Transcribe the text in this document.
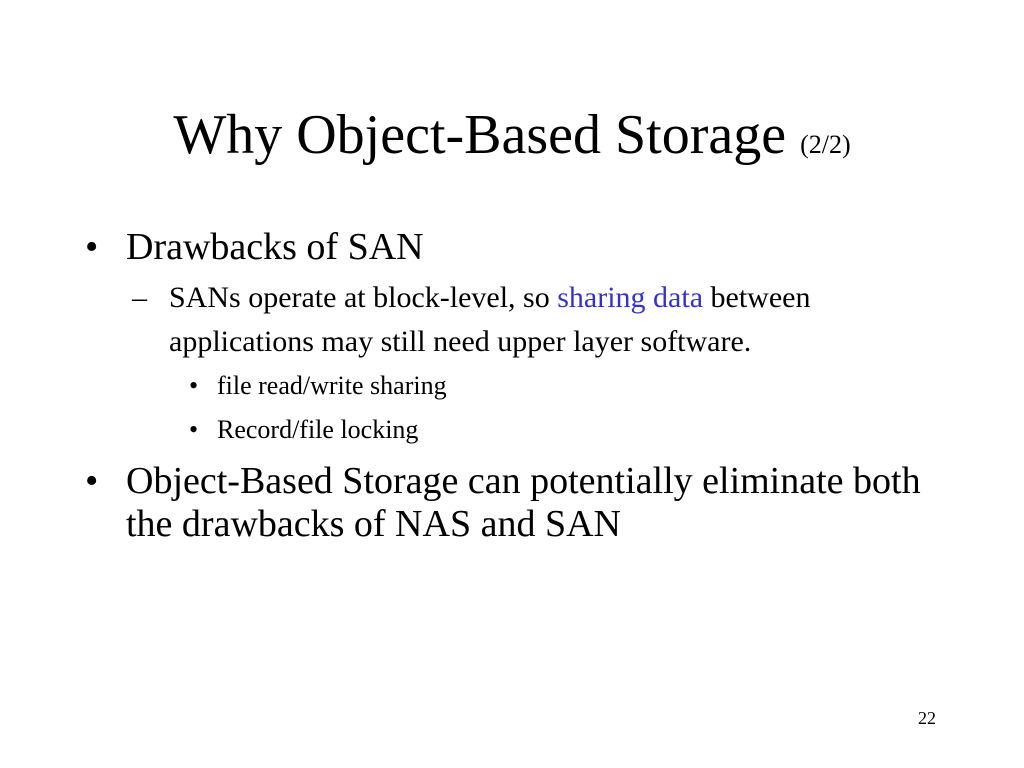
Why Object-Based Storage (2/2)
• Drawbacks of SAN
– SANs operate at block-level, so sharing data between applications may still need upper layer software.
• file read/write sharing
• Record/file locking
• Object-Based Storage can potentially eliminate both the drawbacks of NAS and SAN
22
